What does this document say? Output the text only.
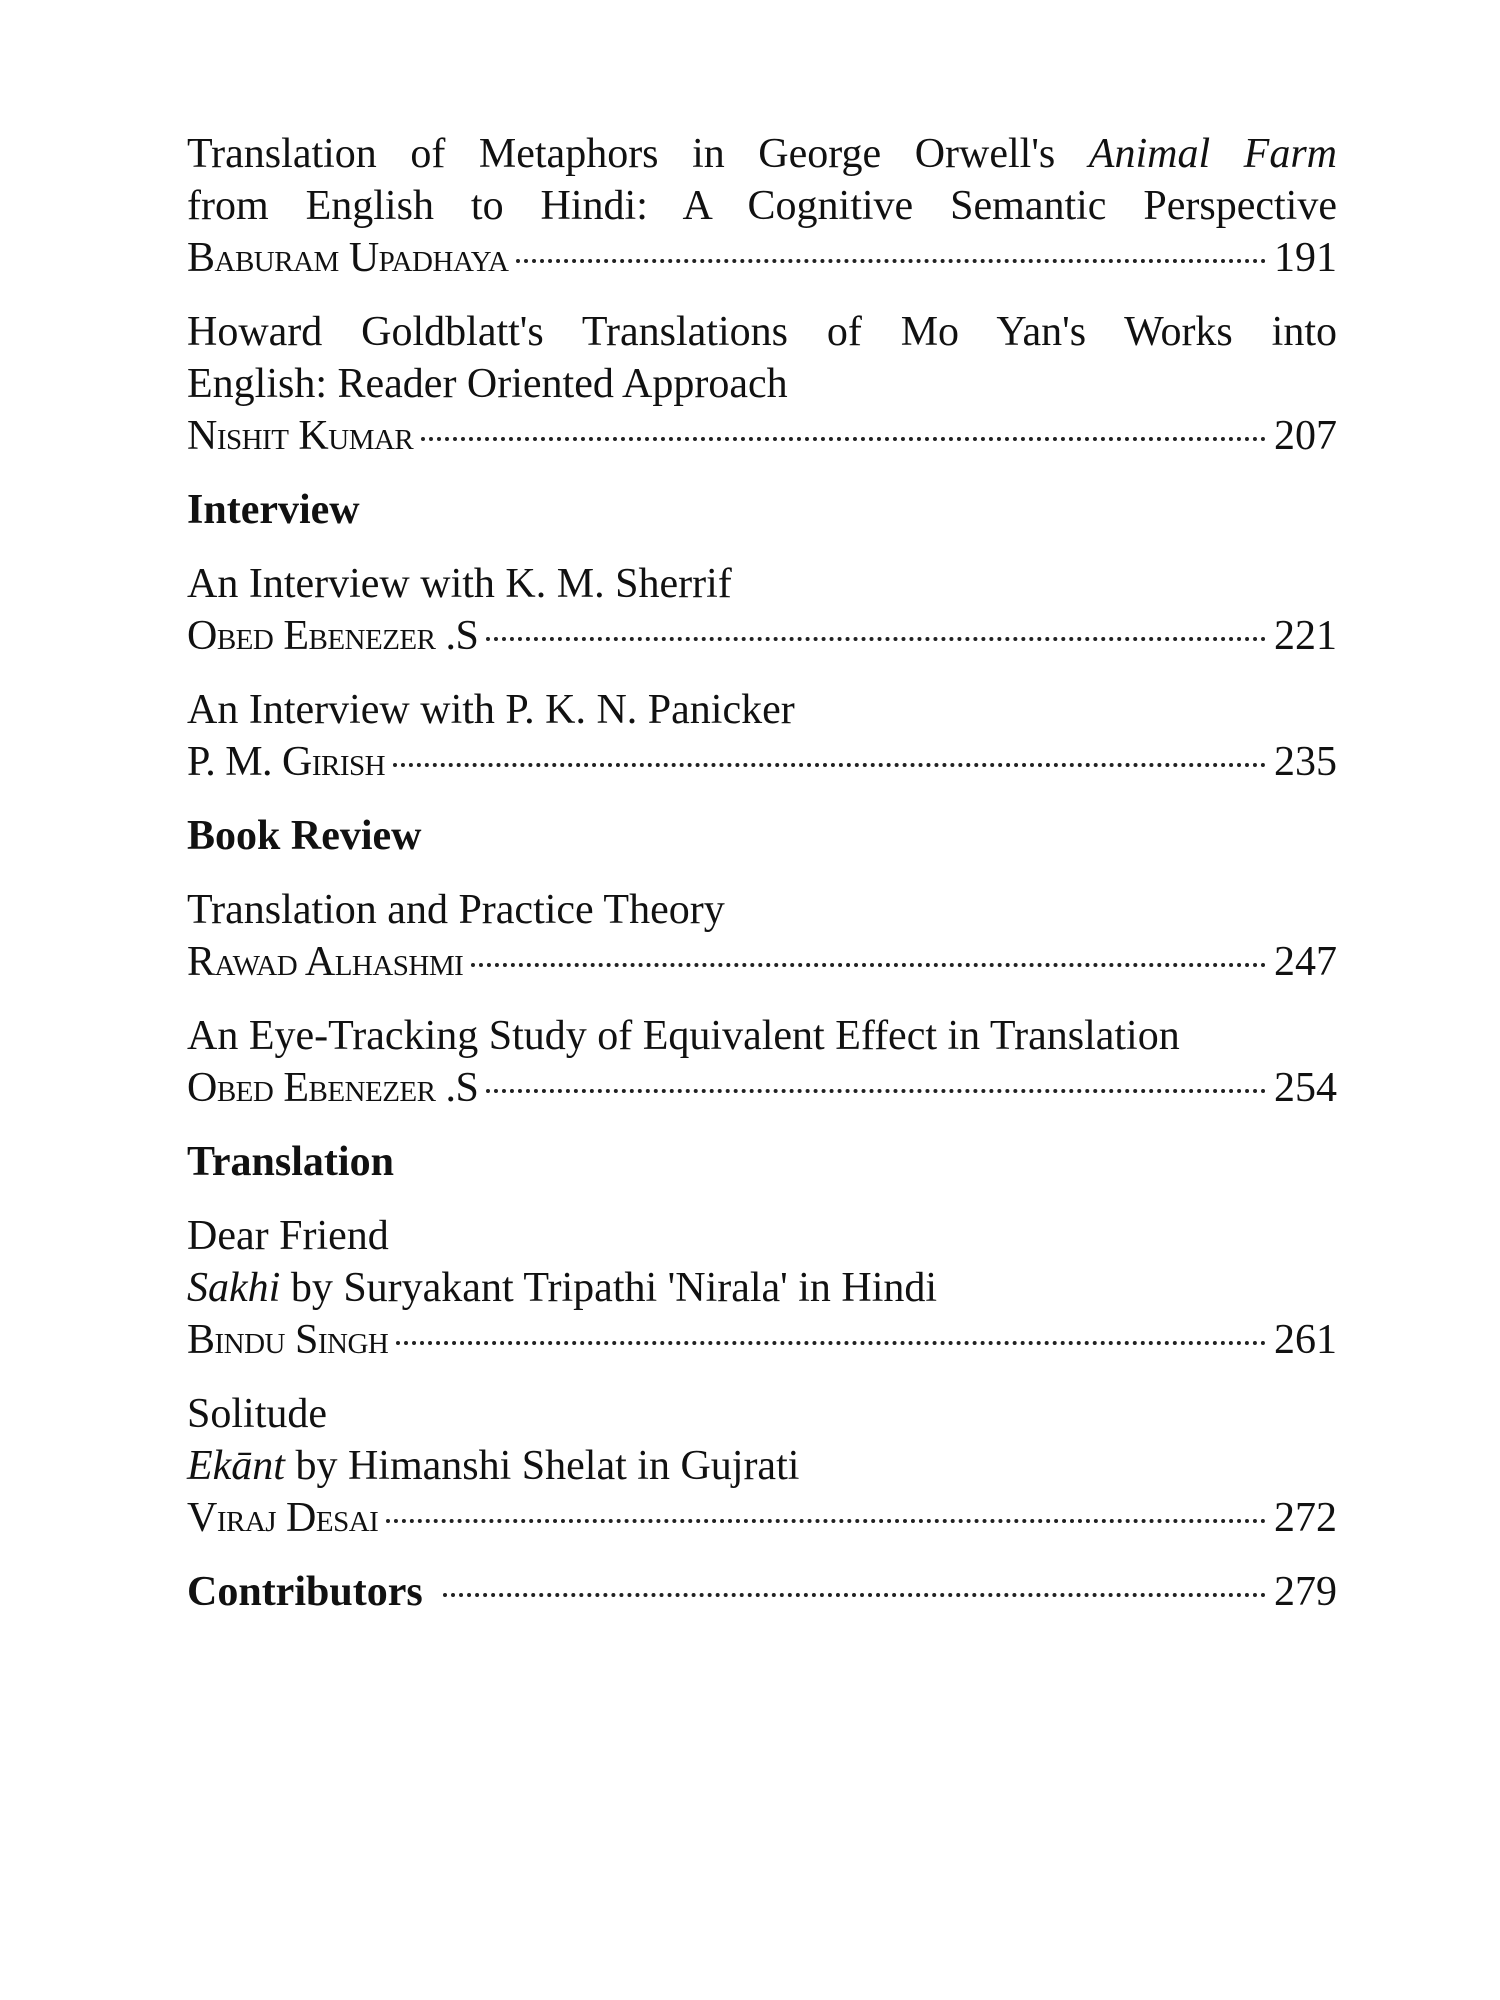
Translation of Metaphors in George Orwell's Animal Farm
from English to Hindi: A Cognitive Semantic Perspective
Baburam Upadhaya	191
Howard Goldblatt's Translations of Mo Yan's Works into
English: Reader Oriented Approach
Nishit Kumar	207
Interview
An Interview with K. M. Sherrif
Obed Ebenezer .S	221
An Interview with P. K. N. Panicker
P. M. Girish	235
Book Review
Translation and Practice Theory
Rawad Alhashmi	247
An Eye-Tracking Study of Equivalent Effect in Translation
Obed Ebenezer .S	254
Translation
Dear Friend
Sakhi by Suryakant Tripathi 'Nirala' in Hindi
Bindu Singh	261
Solitude
Ekānt by Himanshi Shelat in Gujrati
Viraj Desai	272
Contributors	279
